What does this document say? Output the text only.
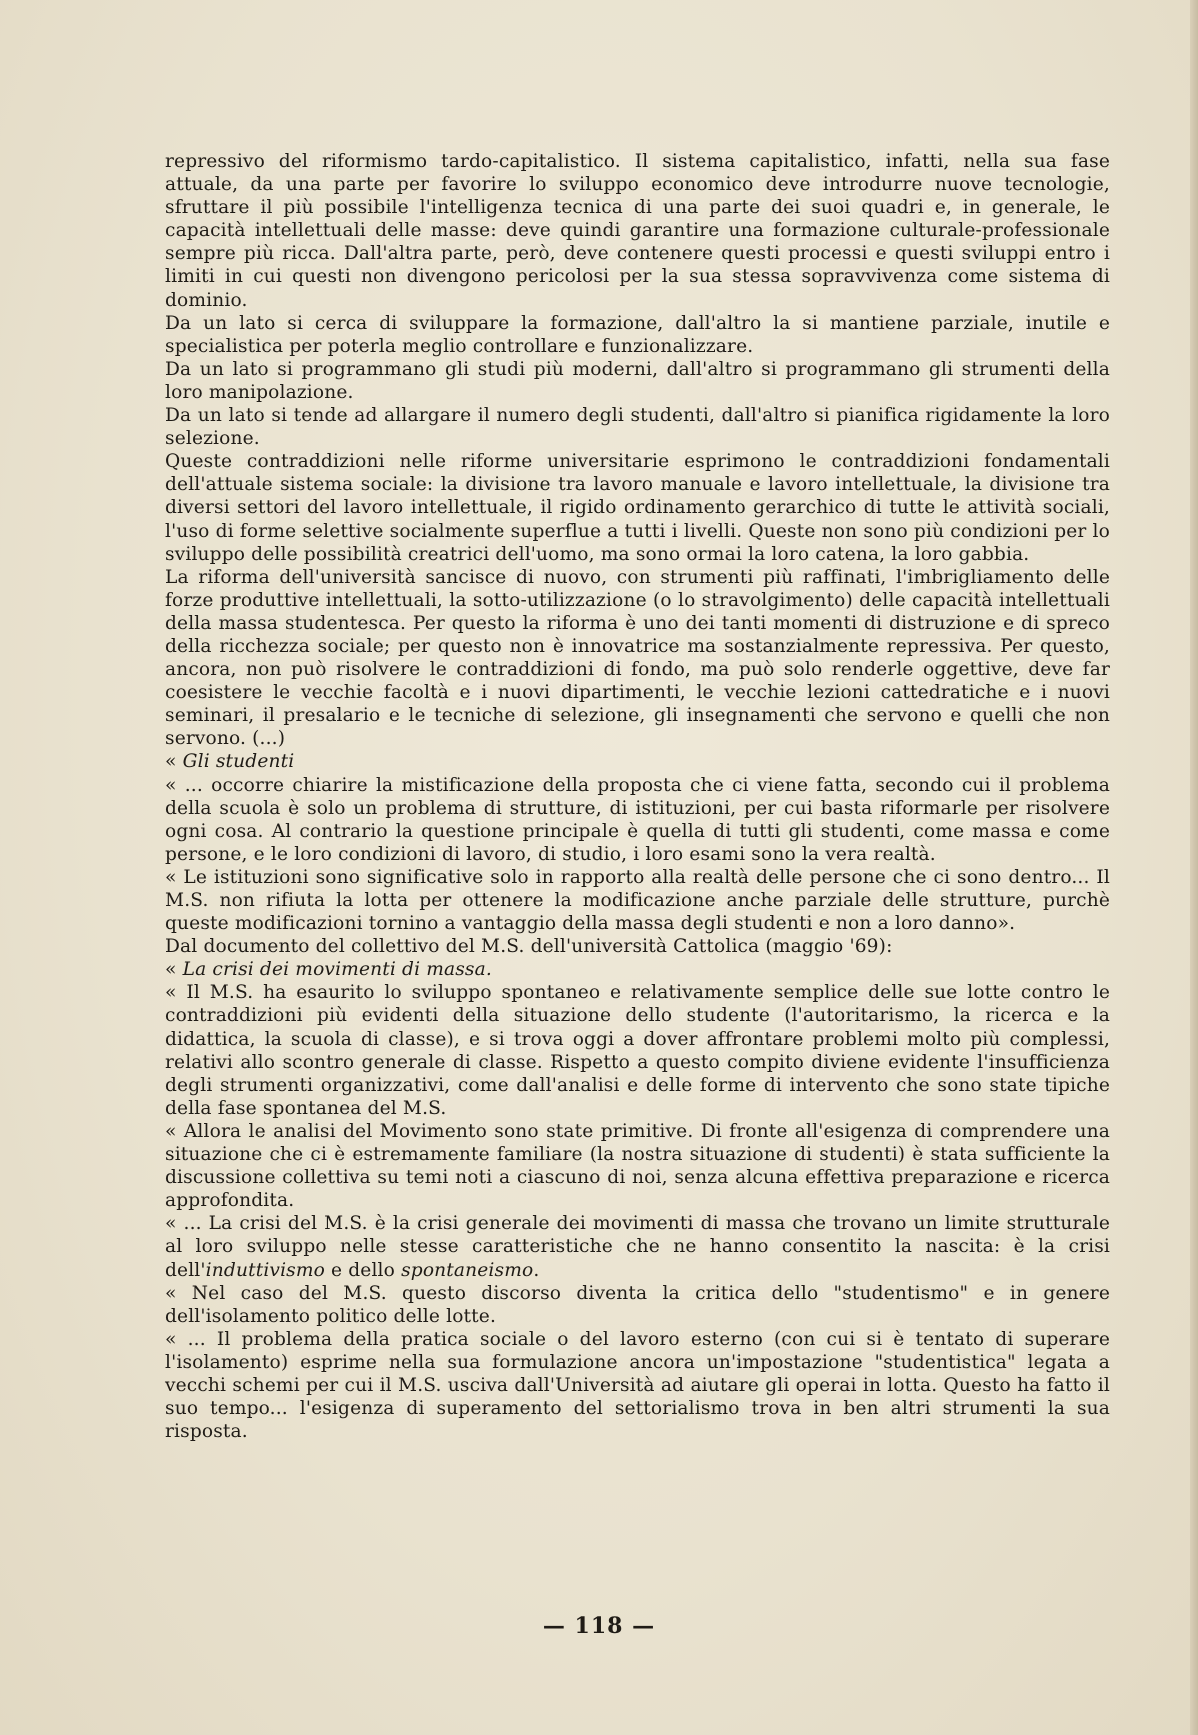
repressivo del riformismo tardo-capitalistico. Il sistema capitalistico, infatti, nella sua fase attuale, da una parte per favorire lo sviluppo economico deve introdurre nuove tecnologie, sfruttare il più possibile l'intelligenza tecnica di una parte dei suoi quadri e, in generale, le capacità intellettuali delle masse: deve quindi garantire una formazione culturale-professionale sempre più ricca. Dall'altra parte, però, deve contenere questi processi e questi sviluppi entro i limiti in cui questi non divengono pericolosi per la sua stessa sopravvivenza come sistema di dominio.

Da un lato si cerca di sviluppare la formazione, dall'altro la si mantiene parziale, inutile e specialistica per poterla meglio controllare e funzionalizzare.

Da un lato si programmano gli studi più moderni, dall'altro si programmano gli strumenti della loro manipolazione.

Da un lato si tende ad allargare il numero degli studenti, dall'altro si pianifica rigidamente la loro selezione.

Queste contraddizioni nelle riforme universitarie esprimono le contraddizioni fondamentali dell'attuale sistema sociale: la divisione tra lavoro manuale e lavoro intellettuale, la divisione tra diversi settori del lavoro intellettuale, il rigido ordinamento gerarchico di tutte le attività sociali, l'uso di forme selettive socialmente superflue a tutti i livelli. Queste non sono più condizioni per lo sviluppo delle possibilità creatrici dell'uomo, ma sono ormai la loro catena, la loro gabbia.

La riforma dell'università sancisce di nuovo, con strumenti più raffinati, l'imbrigliamento delle forze produttive intellettuali, la sotto-utilizzazione (o lo stravolgimento) delle capacità intellettuali della massa studentesca. Per questo la riforma è uno dei tanti momenti di distruzione e di spreco della ricchezza sociale; per questo non è innovatrice ma sostanzialmente repressiva. Per questo, ancora, non può risolvere le contraddizioni di fondo, ma può solo renderle oggettive, deve far coesistere le vecchie facoltà e i nuovi dipartimenti, le vecchie lezioni cattedratiche e i nuovi seminari, il presalario e le tecniche di selezione, gli insegnamenti che servono e quelli che non servono. (...)

« Gli studenti

« ... occorre chiarire la mistificazione della proposta che ci viene fatta, secondo cui il problema della scuola è solo un problema di strutture, di istituzioni, per cui basta riformarle per risolvere ogni cosa. Al contrario la questione principale è quella di tutti gli studenti, come massa e come persone, e le loro condizioni di lavoro, di studio, i loro esami sono la vera realtà.

« Le istituzioni sono significative solo in rapporto alla realtà delle persone che ci sono dentro... Il M.S. non rifiuta la lotta per ottenere la modificazione anche parziale delle strutture, purchè queste modificazioni tornino a vantaggio della massa degli studenti e non a loro danno».

Dal documento del collettivo del M.S. dell'università Cattolica (maggio '69):

« La crisi dei movimenti di massa.

« Il M.S. ha esaurito lo sviluppo spontaneo e relativamente semplice delle sue lotte contro le contraddizioni più evidenti della situazione dello studente (l'autoritarismo, la ricerca e la didattica, la scuola di classe), e si trova oggi a dover affrontare problemi molto più complessi, relativi allo scontro generale di classe. Rispetto a questo compito diviene evidente l'insufficienza degli strumenti organizzativi, come dall'analisi e delle forme di intervento che sono state tipiche della fase spontanea del M.S.

« Allora le analisi del Movimento sono state primitive. Di fronte all'esigenza di comprendere una situazione che ci è estremamente familiare (la nostra situazione di studenti) è stata sufficiente la discussione collettiva su temi noti a ciascuno di noi, senza alcuna effettiva preparazione e ricerca approfondita.

« ... La crisi del M.S. è la crisi generale dei movimenti di massa che trovano un limite strutturale al loro sviluppo nelle stesse caratteristiche che ne hanno consentito la nascita: è la crisi dell'induttivismo e dello spontaneismo.

« Nel caso del M.S. questo discorso diventa la critica dello "studentismo" e in genere dell'isolamento politico delle lotte.

« ... Il problema della pratica sociale o del lavoro esterno (con cui si è tentato di superare l'isolamento) esprime nella sua formulazione ancora un'impostazione "studentistica" legata a vecchi schemi per cui il M.S. usciva dall'Università ad aiutare gli operai in lotta. Questo ha fatto il suo tempo... l'esigenza di superamento del settorialismo trova in ben altri strumenti la sua risposta.

— 118 —
